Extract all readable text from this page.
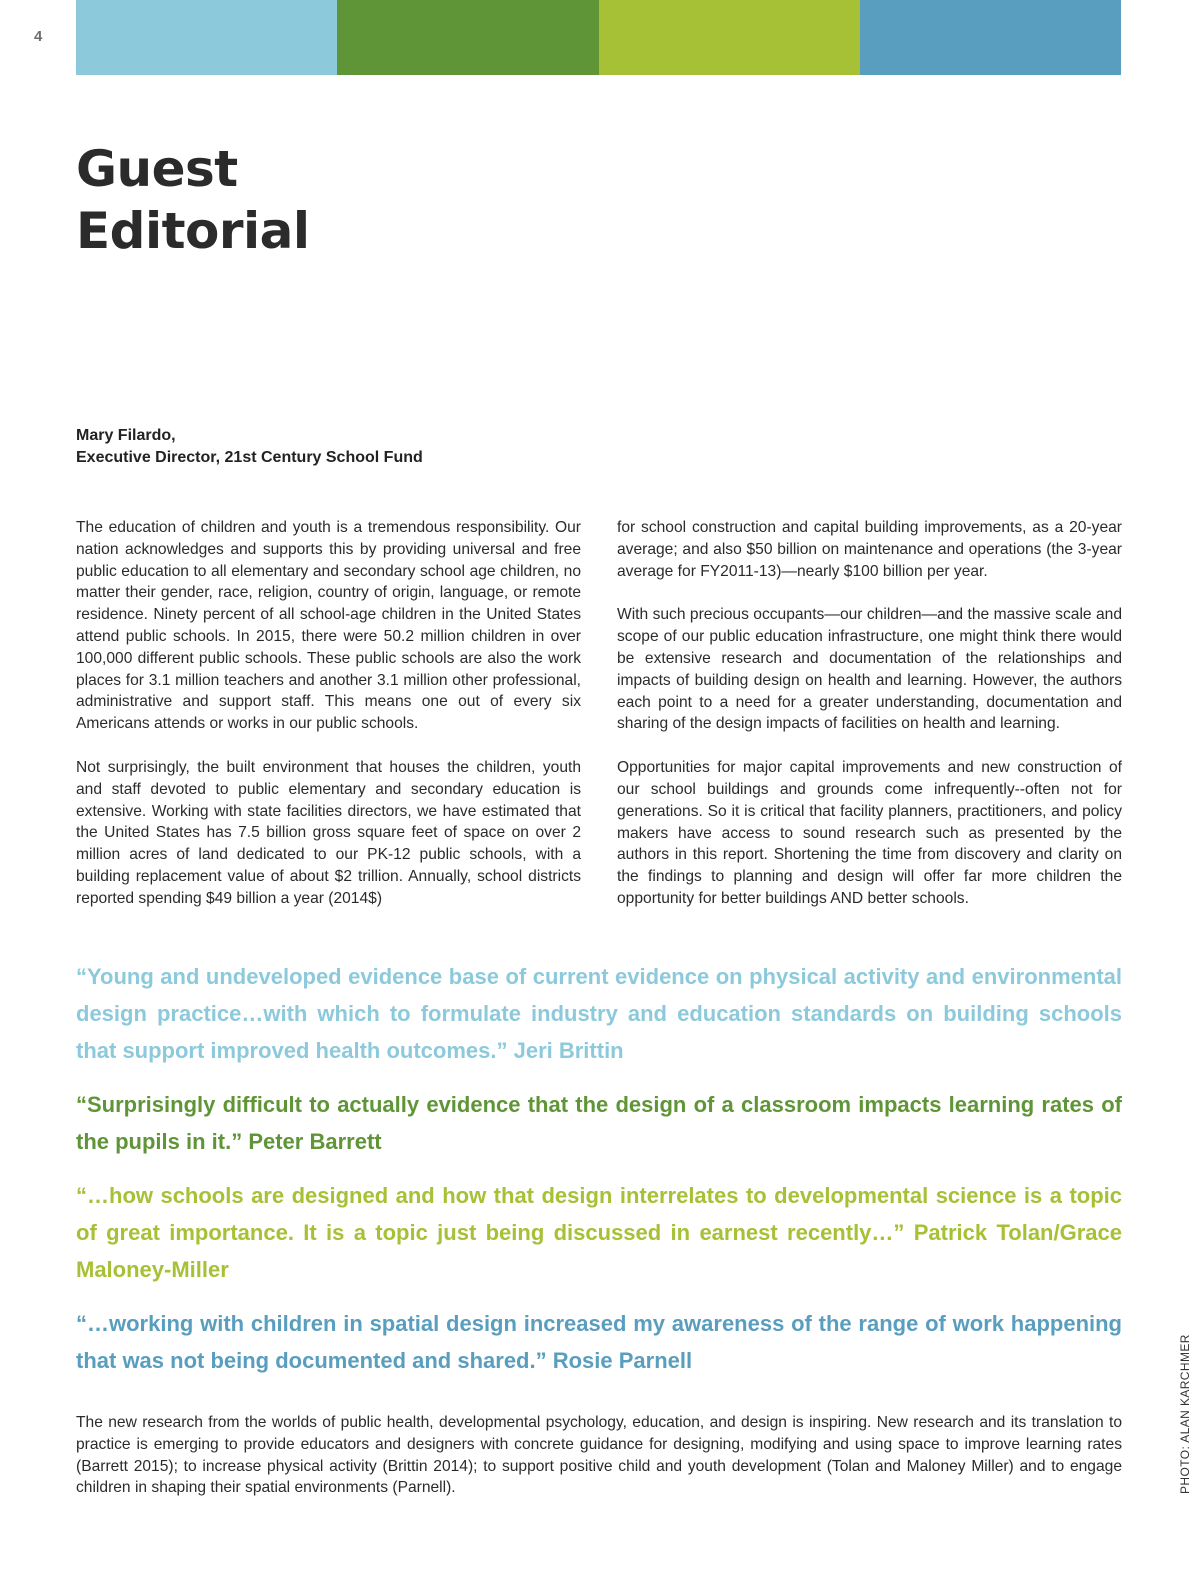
4
Guest
Editorial
Mary Filardo,
Executive Director, 21st Century School Fund

The education of children and youth is a tremendous responsibility. Our nation acknowledges and supports this by providing universal and free public education to all elementary and secondary school age children, no matter their gender, race, religion, country of origin, language, or remote residence. Ninety percent of all school-age children in the United States attend public schools. In 2015, there were 50.2 million children in over 100,000 different public schools. These public schools are also the work places for 3.1 million teachers and another 3.1 million other professional, administrative and support staff. This means one out of every six Americans attends or works in our public schools.

Not surprisingly, the built environment that houses the children, youth and staff devoted to public elementary and secondary education is extensive. Working with state facilities directors, we have estimated that the United States has 7.5 billion gross square feet of space on over 2 million acres of land dedicated to our PK-12 public schools, with a building replacement value of about $2 trillion. Annually, school districts reported spending $49 billion a year (2014$)

for school construction and capital building improvements, as a 20-year average; and also $50 billion on maintenance and operations (the 3-year average for FY2011-13)—nearly $100 billion per year.

With such precious occupants—our children—and the massive scale and scope of our public education infrastructure, one might think there would be extensive research and documentation of the relationships and impacts of building design on health and learning. However, the authors each point to a need for a greater understanding, documentation and sharing of the design impacts of facilities on health and learning.

Opportunities for major capital improvements and new construction of our school buildings and grounds come infrequently--often not for generations. So it is critical that facility planners, practitioners, and policy makers have access to sound research such as presented by the authors in this report. Shortening the time from discovery and clarity on the findings to planning and design will offer far more children the opportunity for better buildings AND better schools.

“Young and undeveloped evidence base of current evidence on physical activity and environmental design practice…with which to formulate industry and education standards on building schools that support improved health outcomes.” Jeri Brittin

“Surprisingly difficult to actually evidence that the design of a classroom impacts learning rates of the pupils in it.” Peter Barrett

“…how schools are designed and how that design interrelates to developmental science is a topic of great importance. It is a topic just being discussed in earnest recently…” Patrick Tolan/Grace Maloney-Miller

“…working with children in spatial design increased my awareness of the range of work happening that was not being documented and shared.” Rosie Parnell

The new research from the worlds of public health, developmental psychology, education, and design is inspiring. New research and its translation to practice is emerging to provide educators and designers with concrete guidance for designing, modifying and using space to improve learning rates (Barrett 2015); to increase physical activity (Brittin 2014); to support positive child and youth development (Tolan and Maloney Miller) and to engage children in shaping their spatial environments (Parnell).	PHOTO: ALAN KARCHMER
